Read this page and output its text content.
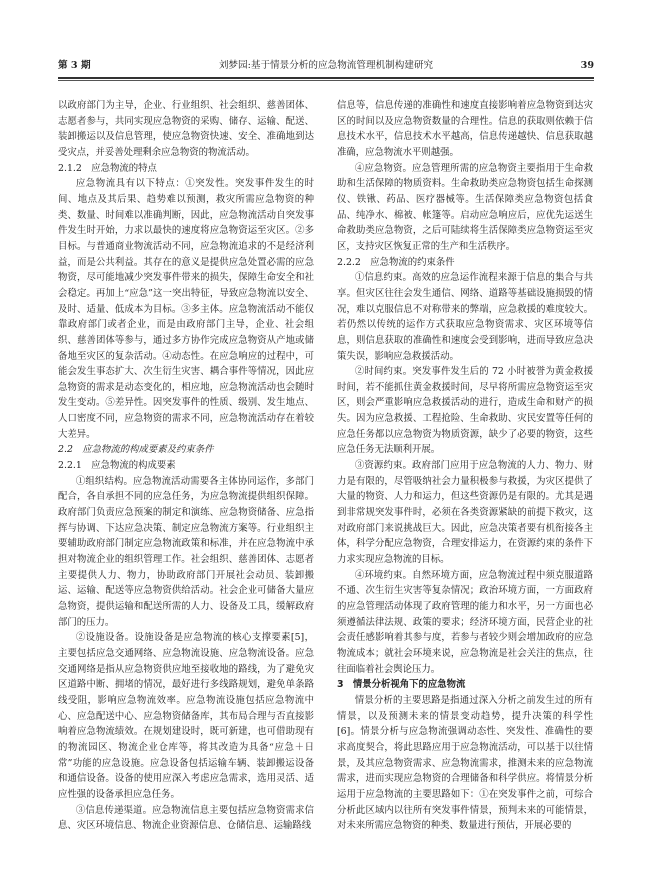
第 3 期	刘梦园:基于情景分析的应急物流管理机制构建研究	39

以政府部门为主导，企业、行业组织、社会组织、慈善团体、志愿者参与，共同实现应急物资的采购、储存、运输、配送、装卸搬运以及信息管理，使应急物资快速、安全、准确地到达受灾点，并妥善处理剩余应急物资的物流活动。

2.1.2　应急物流的特点

应急物流具有以下特点：①突发性。突发事件发生的时间、地点及其后果、趋势难以预测，救灾所需应急物资的种类、数量、时间难以准确判断，因此，应急物流活动自突发事件发生时开始，力求以最快的速度将应急物资运至灾区。②多目标。与普通商业物流活动不同，应急物流追求的不是经济利益，而是公共利益。其存在的意义是提供应急处置必需的应急物资，尽可能地减少突发事件带来的损失，保障生命安全和社会稳定。再加上“应急”这一突出特征，导致应急物流以安全、及时、适量、低成本为目标。③多主体。应急物流活动不能仅靠政府部门或者企业，而是由政府部门主导，企业、社会组织、慈善团体等参与，通过多方协作完成应急物资从产地或储备地至灾区的复杂活动。④动态性。在应急响应的过程中，可能会发生事态扩大、次生衍生灾害、耦合事件等情况，因此应急物资的需求是动态变化的，相应地，应急物流活动也会随时发生变动。⑤差异性。因突发事件的性质、级别、发生地点、人口密度不同，应急物资的需求不同，应急物流活动存在着较大差异。

2.2　应急物流的构成要素及约束条件
2.2.1　应急物流的构成要素

①组织结构。应急物流活动需要各主体协同运作，多部门配合，各自承担不同的应急任务，为应急物流提供组织保障。政府部门负责应急预案的制定和演练、应急物资储备、应急指挥与协调、下达应急决策、制定应急物流方案等。行业组织主要辅助政府部门制定应急物流政策和标准，并在应急物流中承担对物流企业的组织管理工作。社会组织、慈善团体、志愿者主要提供人力、物力，协助政府部门开展社会动员、装卸搬运、运输、配送等应急物资供给活动。社会企业可储备大量应急物资，提供运输和配送所需的人力、设备及工具，缓解政府部门的压力。

②设施设备。设施设备是应急物流的核心支撑要素[5]，主要包括应急交通网络、应急物流设施、应急物流设备。应急交通网络是指从应急物资供应地至接收地的路线，为了避免灾区道路中断、拥堵的情况，最好进行多线路规划，避免单条路线受阻，影响应急物流效率。应急物流设施包括应急物流中心、应急配送中心、应急物资储备库，其布局合理与否直接影响着应急物流绩效。在规划建设时，既可新建，也可借助现有的物流园区、物流企业仓库等，将其改造为具备“应急＋日常”功能的应急设施。应急设备包括运输车辆、装卸搬运设备和通信设备。设备的使用应深入考虑应急需求，选用灵活、适应性强的设备承担应急任务。

③信息传递渠道。应急物流信息主要包括应急物资需求信息、灾区环境信息、物流企业资源信息、仓储信息、运输路线

信息等，信息传递的准确性和速度直接影响着应急物资到达灾区的时间以及应急物资数量的合理性。信息的获取则依赖于信息技术水平，信息技术水平越高，信息传递越快、信息获取越准确，应急物流水平则越强。

④应急物资。应急管理所需的应急物资主要指用于生命救助和生活保障的物质资料。生命救助类应急物资包括生命探测仪、铁锹、药品、医疗器械等。生活保障类应急物资包括食品、纯净水、棉被、帐篷等。启动应急响应后，应优先运送生命救助类应急物资，之后可陆续将生活保障类应急物资运至灾区，支持灾区恢复正常的生产和生活秩序。

2.2.2　应急物流的约束条件

①信息约束。高效的应急运作流程来源于信息的集合与共享。但灾区往往会发生通信、网络、道路等基础设施损毁的情况，难以克服信息不对称带来的弊端，应急救援的难度较大。若仍然以传统的运作方式获取应急物资需求、灾区环境等信息，则信息获取的准确性和速度会受到影响，进而导致应急决策失误，影响应急救援活动。

②时间约束。突发事件发生后的 72 小时被誉为黄金救援时间，若不能抓住黄金救援时间，尽早将所需应急物资运至灾区，则会严重影响应急救援活动的进行，造成生命和财产的损失。因为应急救援、工程抢险、生命救助、灾民安置等任何的应急任务都以应急物资为物质资源，缺少了必要的物资，这些应急任务无法顺利开展。

③资源约束。政府部门应用于应急物流的人力、物力、财力是有限的，尽管吸纳社会力量积极参与救援，为灾区提供了大量的物资、人力和运力，但这些资源仍是有限的。尤其是遇到非常规突发事件时，必须在各类资源紧缺的前提下救灾，这对政府部门来说挑战巨大。因此，应急决策者要有机衔接各主体，科学分配应急物资，合理安排运力，在资源约束的条件下力求实现应急物流的目标。

④环境约束。自然环境方面，应急物流过程中须克服道路不通、次生衍生灾害等复杂情况；政治环境方面，一方面政府的应急管理活动体现了政府管理的能力和水平，另一方面也必须遵循法律法规、政策的要求；经济环境方面，民营企业的社会责任感影响着其参与度，若参与者较少则会增加政府的应急物流成本；就社会环境来说，应急物流是社会关注的焦点，往往面临着社会舆论压力。

3　情景分析视角下的应急物流

情景分析的主要思路是指通过深入分析之前发生过的所有情景，以及预测未来的情景变动趋势，提升决策的科学性[6]。情景分析与应急物流强调动态性、突发性、准确性的要求高度契合，将此思路应用于应急物流活动，可以基于以往情景，及其应急物资需求、应急物流需求，推测未来的应急物流需求，进而实现应急物资的合理储备和科学供应。将情景分析运用于应急物流的主要思路如下：①在突发事件之前，可综合分析此区域内以往所有突发事件情景，预判未来的可能情景，对未来所需应急物资的种类、数量进行预估，开展必要的
